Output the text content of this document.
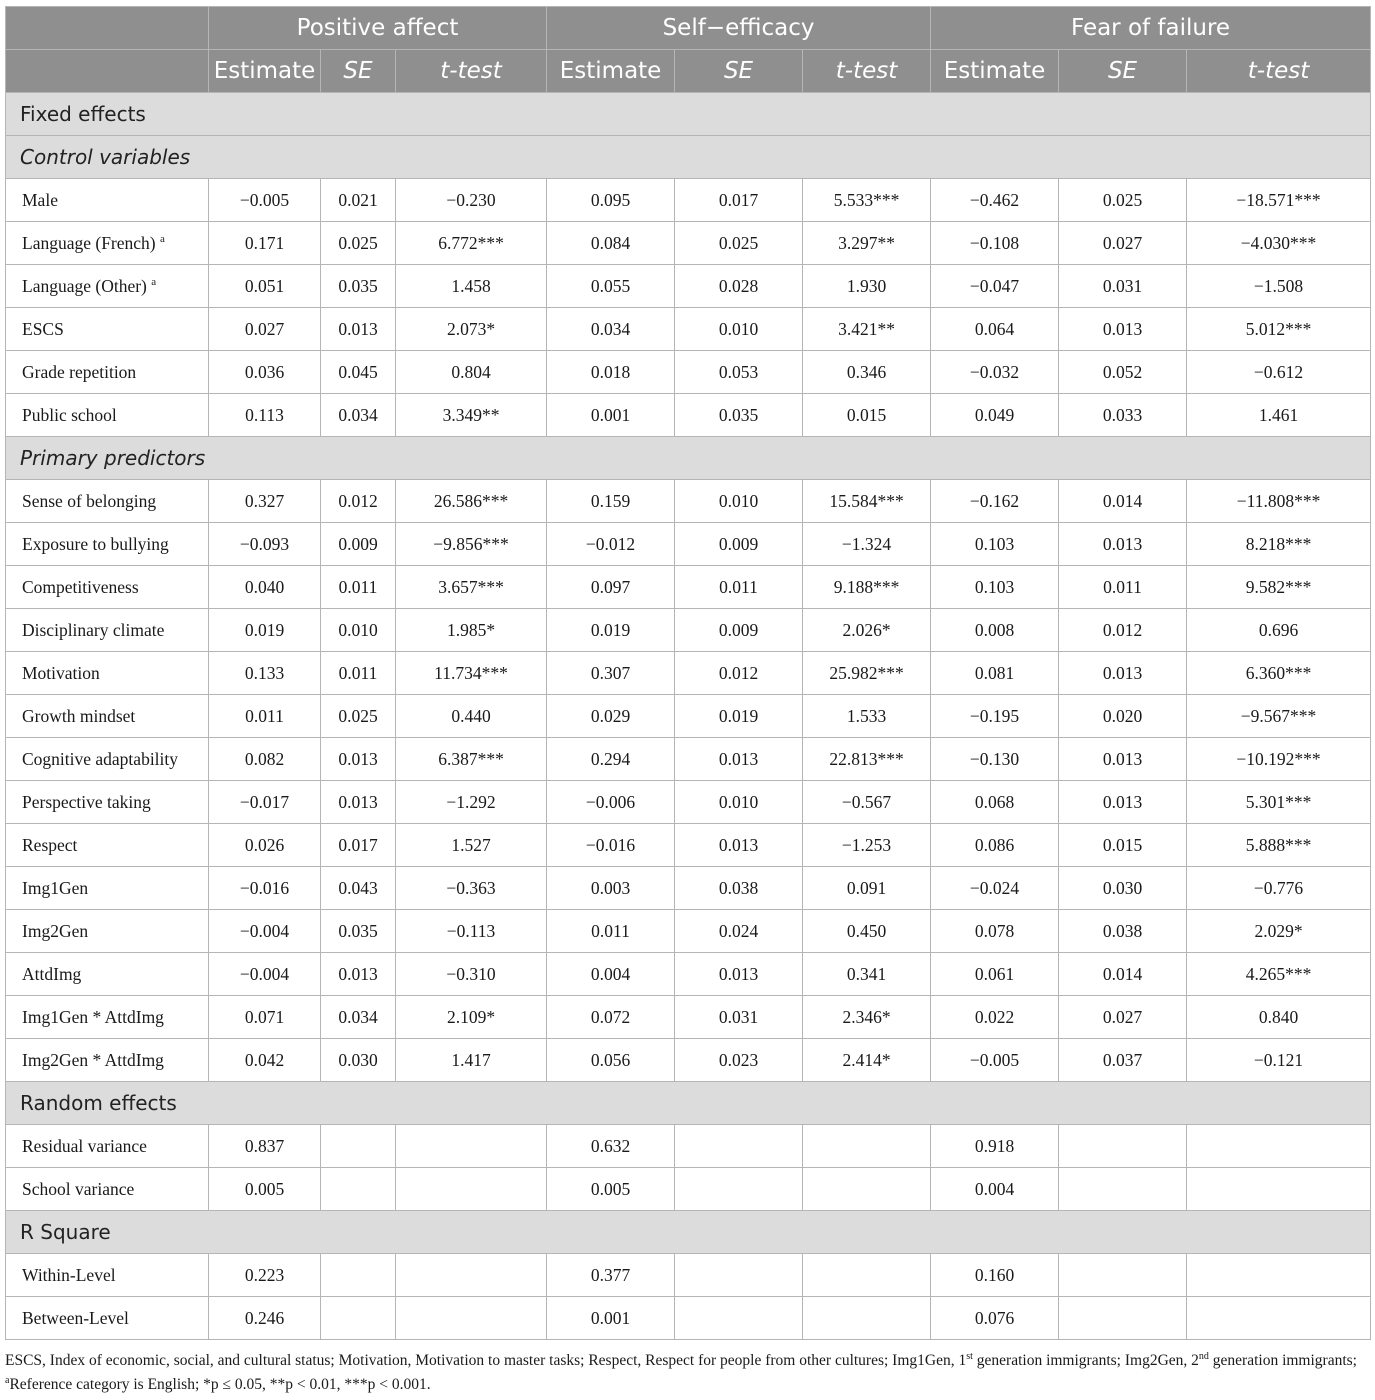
	Positive affect			Self−efficacy			Fear of failure		
	Estimate	SE	t-test	Estimate	SE	t-test	Estimate	SE	t-test
Fixed effects									
Control variables									
Male	−0.005	0.021	−0.230	0.095	0.017	5.533***	−0.462	0.025	−18.571***
Language (French) $^a$	0.171	0.025	6.772***	0.084	0.025	3.297**	−0.108	0.027	−4.030***
Language (Other) $^a$	0.051	0.035	1.458	0.055	0.028	1.930	−0.047	0.031	−1.508
ESCS	0.027	0.013	2.073*	0.034	0.010	3.421**	0.064	0.013	5.012***
Grade repetition	0.036	0.045	0.804	0.018	0.053	0.346	−0.032	0.052	−0.612
Public school	0.113	0.034	3.349**	0.001	0.035	0.015	0.049	0.033	1.461
Primary predictors									
Sense of belonging	0.327	0.012	26.586***	0.159	0.010	15.584***	−0.162	0.014	−11.808***
Exposure to bullying	−0.093	0.009	−9.856***	−0.012	0.009	−1.324	0.103	0.013	8.218***
Competitiveness	0.040	0.011	3.657***	0.097	0.011	9.188***	0.103	0.011	9.582***
Disciplinary climate	0.019	0.010	1.985*	0.019	0.009	2.026*	0.008	0.012	0.696
Motivation	0.133	0.011	11.734***	0.307	0.012	25.982***	0.081	0.013	6.360***
Growth mindset	0.011	0.025	0.440	0.029	0.019	1.533	−0.195	0.020	−9.567***
Cognitive adaptability	0.082	0.013	6.387***	0.294	0.013	22.813***	−0.130	0.013	−10.192***
Perspective taking	−0.017	0.013	−1.292	−0.006	0.010	−0.567	0.068	0.013	5.301***
Respect	0.026	0.017	1.527	−0.016	0.013	−1.253	0.086	0.015	5.888***
Img1Gen	−0.016	0.043	−0.363	0.003	0.038	0.091	−0.024	0.030	−0.776
Img2Gen	−0.004	0.035	−0.113	0.011	0.024	0.450	0.078	0.038	2.029*
AttdImg	−0.004	0.013	−0.310	0.004	0.013	0.341	0.061	0.014	4.265***
Img1Gen * AttdImg	0.071	0.034	2.109*	0.072	0.031	2.346*	0.022	0.027	0.840
Img2Gen * AttdImg	0.042	0.030	1.417	0.056	0.023	2.414*	−0.005	0.037	−0.121
Random effects									
Residual variance	0.837			0.632			0.918		
School variance	0.005			0.005			0.004		
R Square									
Within-Level	0.223			0.377			0.160		
Between-Level	0.246			0.001			0.076		
ESCS, Index of economic, social, and cultural status; Motivation, Motivation to master tasks; Respect, Respect for people from other cultures; Img1Gen, 1st generation immigrants; Img2Gen, 2nd generation immigrants; $^a$Reference category is English; *p ≤ 0.05, **p < 0.01, ***p < 0.001.
